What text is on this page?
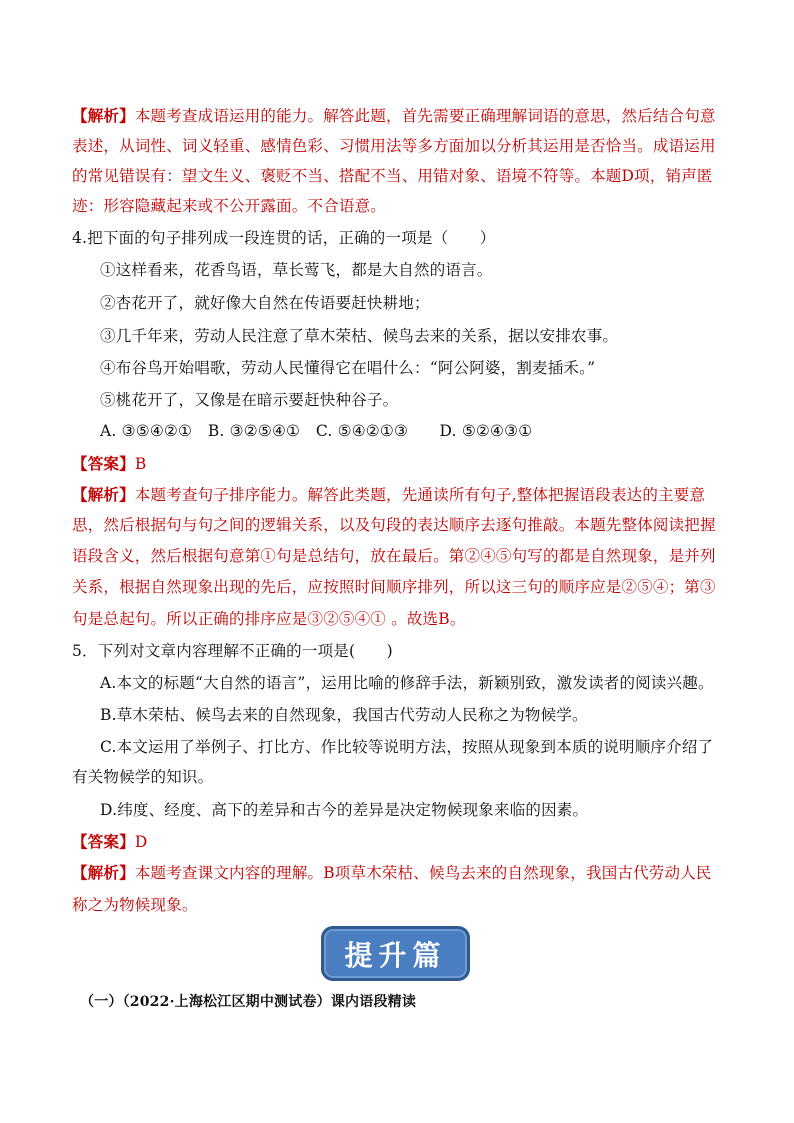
【解析】本题考查成语运用的能力。解答此题，首先需要正确理解词语的意思，然后结合句意
表述，从词性、词义轻重、感情色彩、习惯用法等多方面加以分析其运用是否恰当。成语运用
的常见错误有：望文生义、褒贬不当、搭配不当、用错对象、语境不符等。本题D项，销声匿
迹：形容隐藏起来或不公开露面。不合语意。
4.把下面的句子排列成一段连贯的话，正确的一项是（　　）
①这样看来，花香鸟语，草长莺飞，都是大自然的语言。
②杏花开了，就好像大自然在传语要赶快耕地；
③几千年来，劳动人民注意了草木荣枯、候鸟去来的关系，据以安排农事。
④布谷鸟开始唱歌，劳动人民懂得它在唱什么：“阿公阿婆，割麦插禾。”
⑤桃花开了，又像是在暗示要赶快种谷子。
A. ③⑤④②①　B. ③②⑤④①　C. ⑤④②①③　　D. ⑤②④③①
【答案】B
【解析】本题考查句子排序能力。解答此类题，先通读所有句子,整体把握语段表达的主要意
思，然后根据句与句之间的逻辑关系，以及句段的表达顺序去逐句推敲。本题先整体阅读把握
语段含义，然后根据句意第①句是总结句，放在最后。第②④⑤句写的都是自然现象，是并列
关系，根据自然现象出现的先后，应按照时间顺序排列，所以这三句的顺序应是②⑤④；第③
句是总起句。所以正确的排序应是③②⑤④① 。故选B。
5．下列对文章内容理解不正确的一项是(　　)
A.本文的标题“大自然的语言”，运用比喻的修辞手法，新颖别致，激发读者的阅读兴趣。
B.草木荣枯、候鸟去来的自然现象，我国古代劳动人民称之为物候学。
C.本文运用了举例子、打比方、作比较等说明方法，按照从现象到本质的说明顺序介绍了
有关物候学的知识。
D.纬度、经度、高下的差异和古今的差异是决定物候现象来临的因素。
【答案】D
【解析】本题考查课文内容的理解。B项草木荣枯、候鸟去来的自然现象，我国古代劳动人民
称之为物候现象。
提升篇
（一）（2022·上海松江区期中测试卷）课内语段精读
